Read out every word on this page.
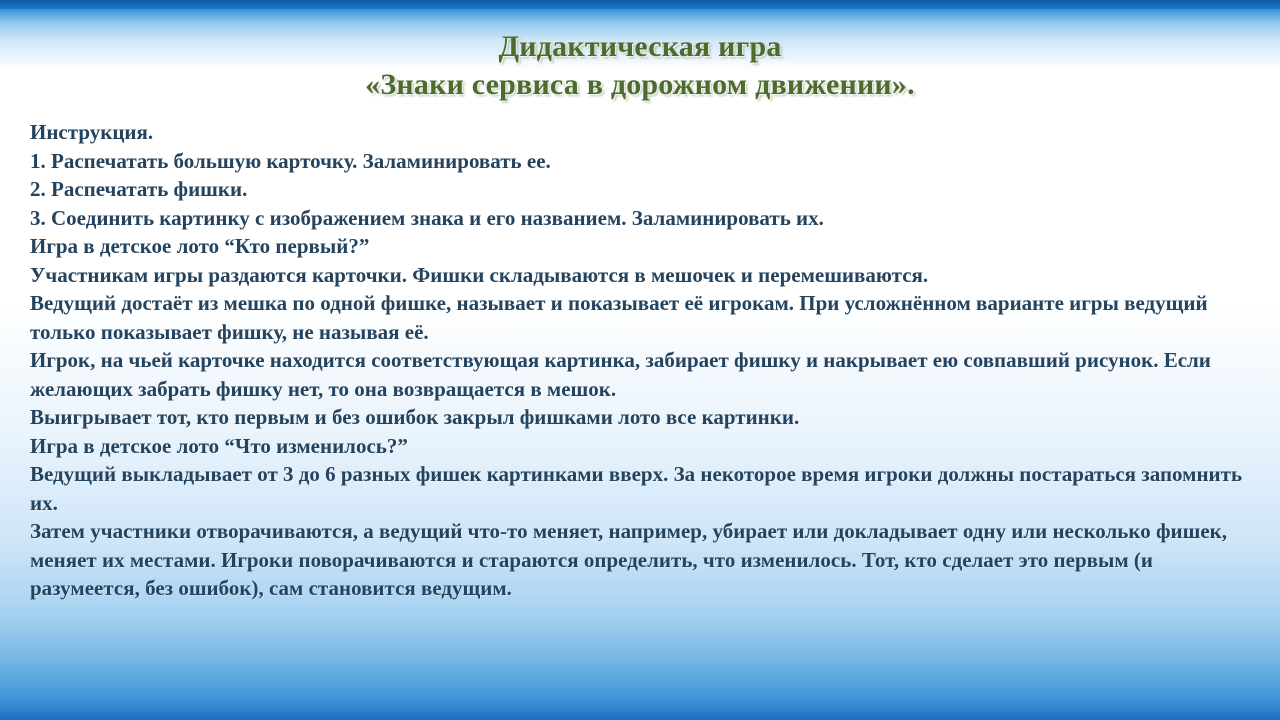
Дидактическая игра
«Знаки сервиса в дорожном движении».

Инструкция.

1. Распечатать большую карточку. Заламинировать ее.

2. Распечатать фишки.

3. Соединить картинку с изображением знака и его названием. Заламинировать их.

Игра в детское лото “Кто первый?”

Участникам игры раздаются карточки. Фишки складываются в мешочек и перемешиваются.

Ведущий достаёт из мешка по одной фишке, называет и показывает её игрокам. При усложнённом варианте игры ведущий только показывает фишку, не называя её.

Игрок, на чьей карточке находится соответствующая картинка, забирает фишку и накрывает ею совпавший рисунок. Если желающих забрать фишку нет, то она возвращается в мешок.

Выигрывает тот, кто первым и без ошибок закрыл фишками лото все картинки.

Игра в детское лото “Что изменилось?”

Ведущий выкладывает от 3 до 6 разных фишек картинками вверх. За некоторое время игроки должны постараться запомнить их.

Затем участники отворачиваются, а ведущий что-то меняет, например, убирает или докладывает одну или несколько фишек, меняет их местами. Игроки поворачиваются и стараются определить, что изменилось. Тот, кто сделает это первым (и разумеется, без ошибок), сам становится ведущим.
